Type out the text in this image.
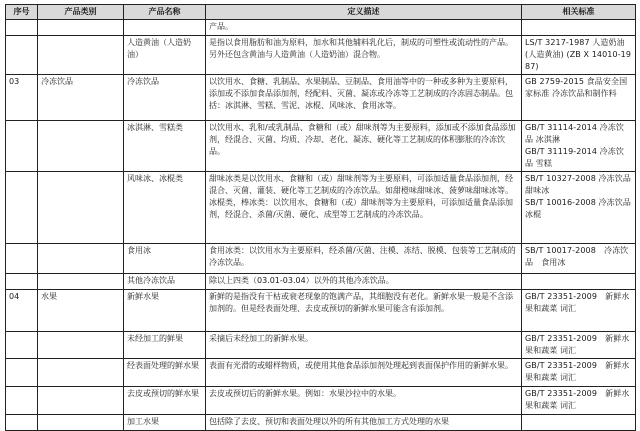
序号	产品类别	产品名称	定义描述	相关标准
			产品。	
		人造黄油（人造奶油）	是指以食用脂肪和油为原料，加水和其他辅料乳化后，制成的可塑性或流动性的产品。另外还包含黄油与人造黄油（人造奶油）混合物。	LS/T 3217-1987 人造奶油(人造黄油) (ZB X 14010-1987)
03	冷冻饮品	冷冻饮品	以饮用水、食糖、乳制品、水果制品、豆制品、食用油等中的一种或多种为主要原料，添加或不添加食品添加剂，经配料、灭菌、凝冻或冷冻等工艺制成的冷冻固态制品。包括：冰淇淋、雪糕、雪泥、冰棍、风味冰、食用冰等。	GB 2759-2015 食品安全国家标准 冷冻饮品和制作料
		冰淇淋、雪糕类	以饮用水、乳和/或乳制品、食糖和（或）甜味剂等为主要原料，添加或不添加食品添加剂，经混合、灭菌、均质、冷却、老化、凝冻、硬化等工艺制成的体积膨胀的冷冻饮品。	GB/T 31114-2014 冷冻饮品 冰淇淋
GB/T 31119-2014 冷冻饮品 雪糕
		风味冰、冰棍类	甜味冰类是以饮用水、食糖和（或）甜味剂等为主要原料，可添加适量食品添加剂，经混合、灭菌、灌装、硬化等工艺制成的冷冻饮品。如甜橙味甜味冰、菠萝味甜味冰等。
冰棍类，棒冰类：以饮用水、食糖和（或）甜味剂等为主要原料，可添加适量食品添加剂，经混合、杀菌/灭菌、硬化、成型等工艺制成的冷冻饮品。	SB/T 10327-2008 冷冻饮品 甜味冰
SB/T 10016-2008 冷冻饮品 冰棍
		食用冰	食用冰类：以饮用水为主要原料，经杀菌/灭菌、注模、冻结、脱模、包装等工艺制成的冷冻饮品。	SB/T 10017-2008　冷冻饮品　食用冰
		其他冷冻饮品	除以上四类（03.01-03.04）以外的其他冷冻饮品。	
04	水果	新鲜水果	新鲜的是指没有干枯或衰老现象的饱满产品，其细胞没有老化。新鲜水果一般是不含添加剂的。但是经表面处理、去皮或预切的新鲜水果可能含有添加剂。	GB/T 23351-2009　新鲜水果和蔬菜 词汇
		未经加工的鲜果	采摘后未经加工的新鲜水果。	GB/T 23351-2009　新鲜水果和蔬菜 词汇
		经表面处理的鲜水果	表面有光滑的或蜡样物质，或使用其他食品添加剂处理起到表面保护作用的新鲜水果。	GB/T 23351-2009　新鲜水果和蔬菜 词汇
		去皮或预切的鲜水果	去皮或预切后的新鲜水果。例如：水果沙拉中的水果。	GB/T 23351-2009　新鲜水果和蔬菜 词汇
		加工水果	包括除了去皮、预切和表面处理以外的所有其他加工方式处理的水果	
